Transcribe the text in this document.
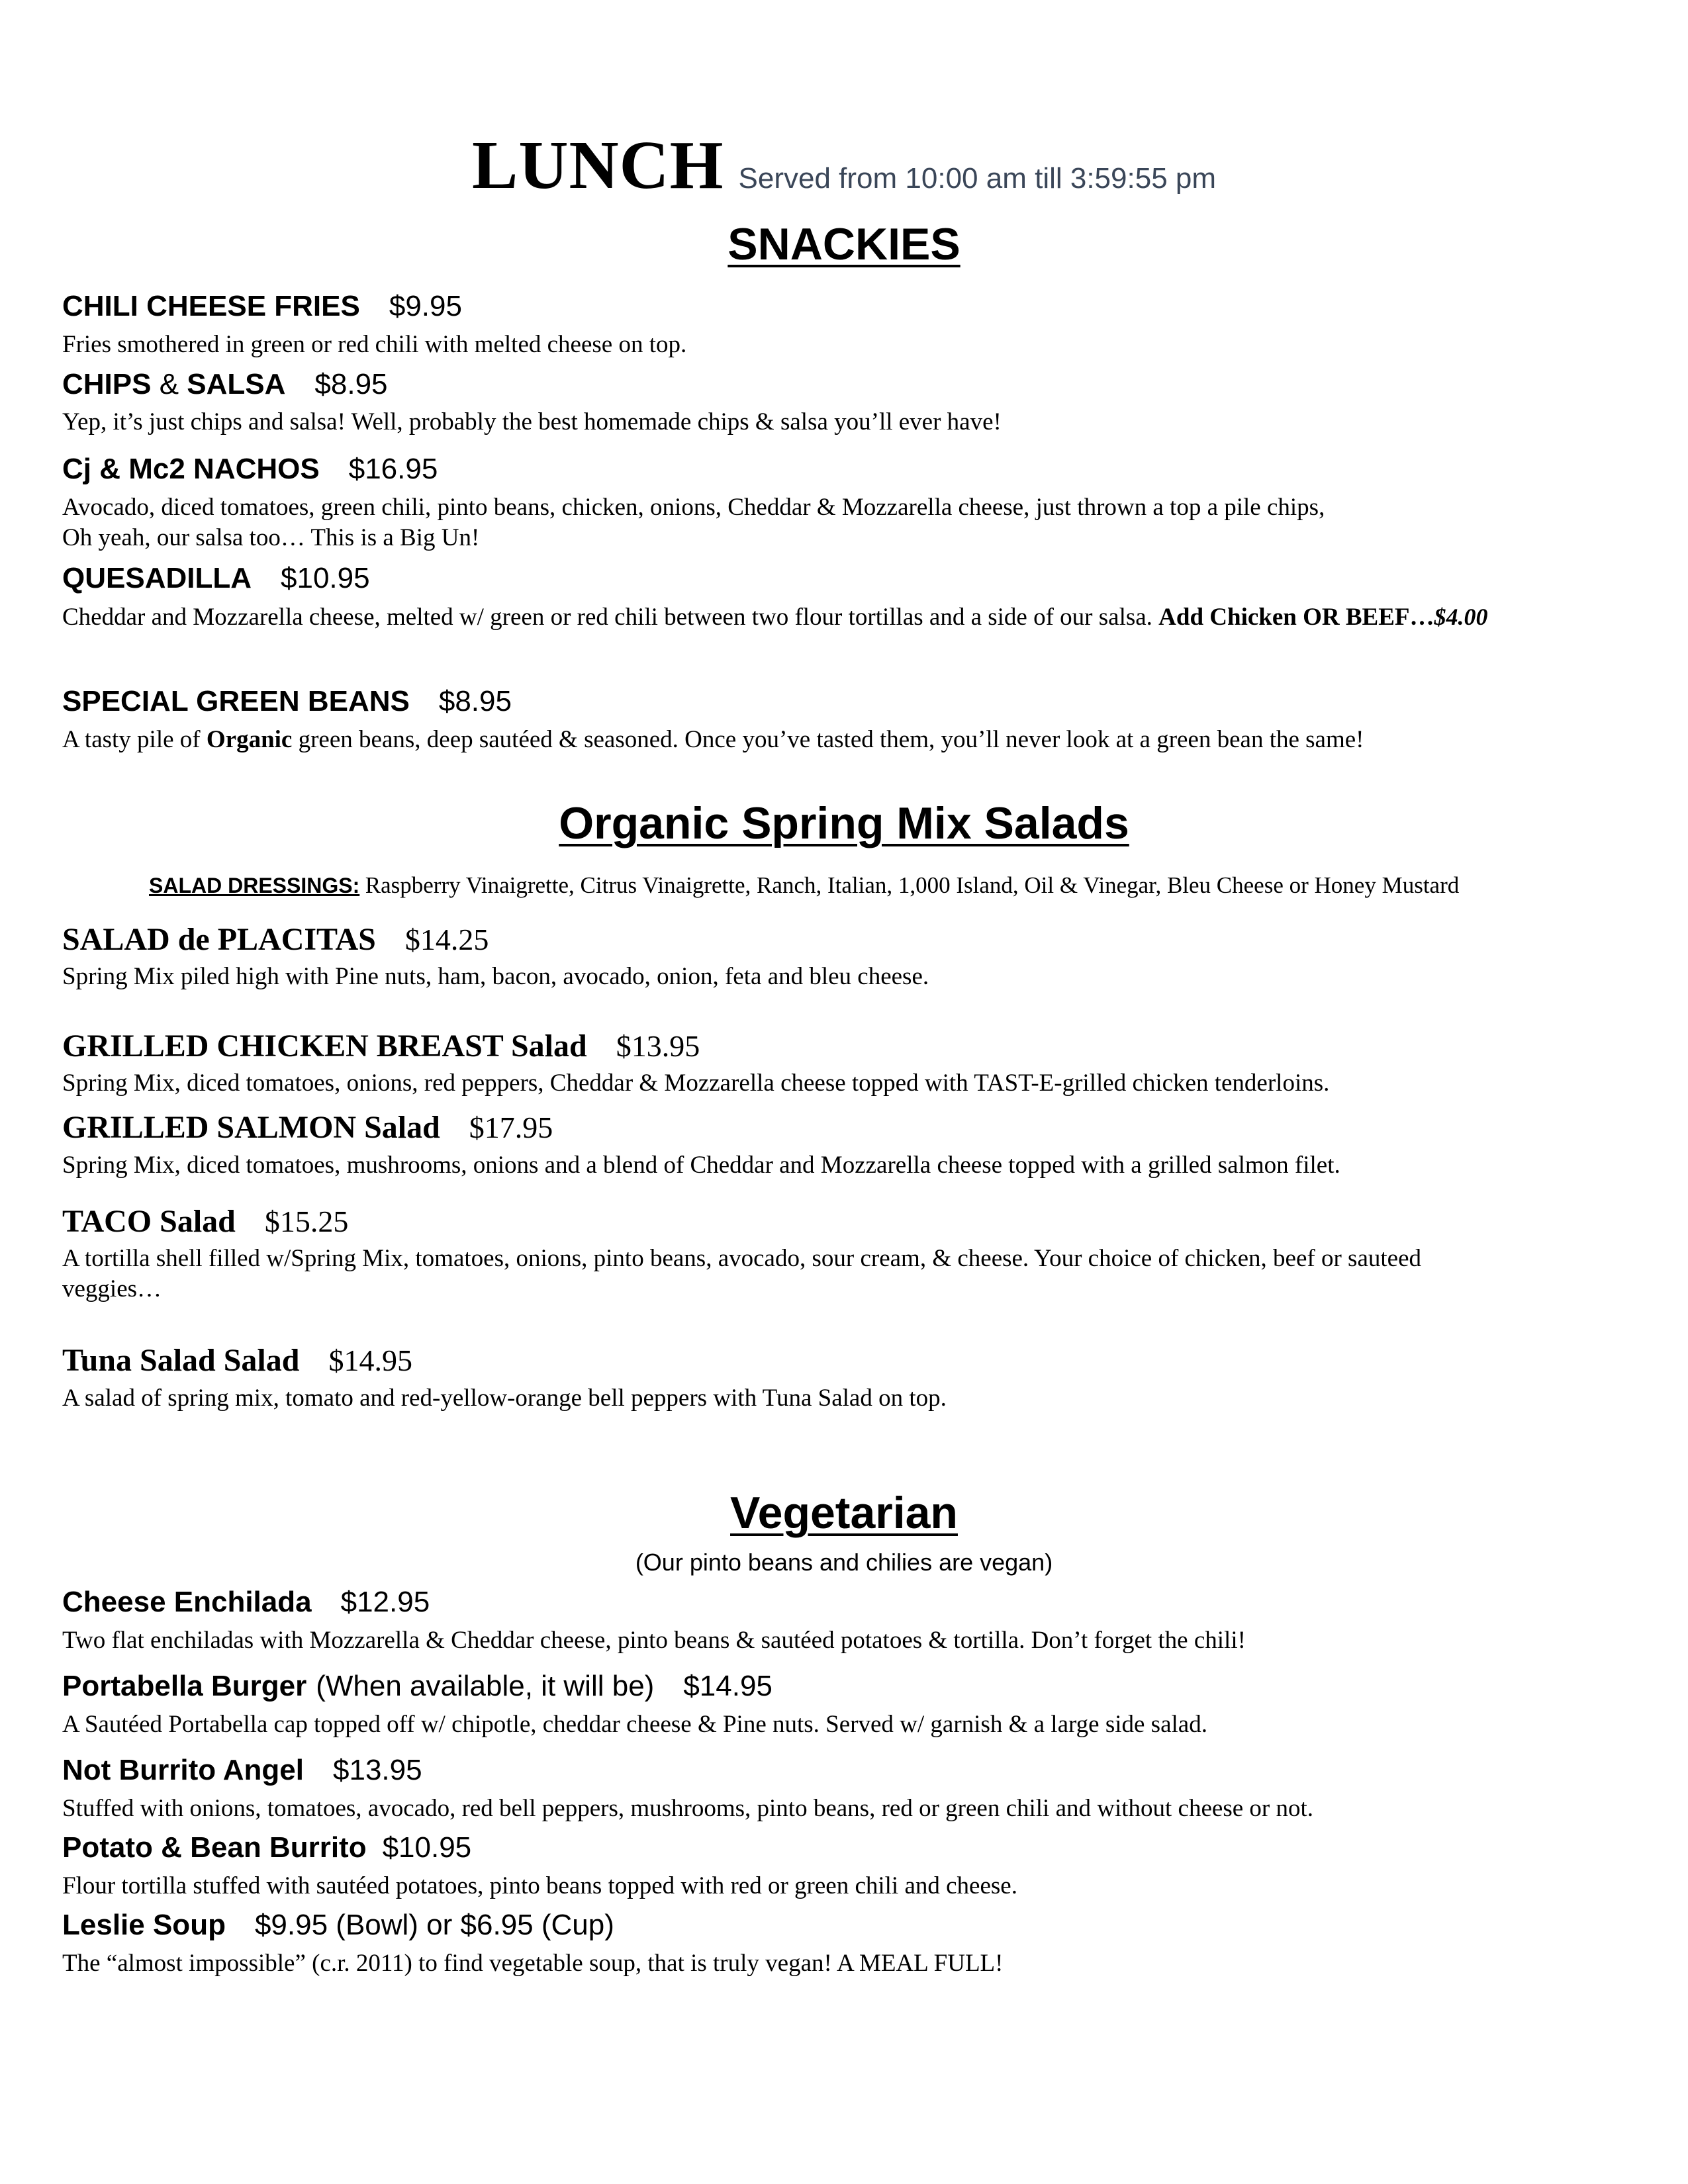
LUNCH Served from 10:00 am till 3:59:55 pm
SNACKIES
CHILI CHEESE FRIES $9.95
Fries smothered in green or red chili with melted cheese on top.
CHIPS & SALSA $8.95
Yep, it’s just chips and salsa! Well, probably the best homemade chips & salsa you’ll ever have!
Cj & Mc2 NACHOS $16.95
Avocado, diced tomatoes, green chili, pinto beans, chicken, onions, Cheddar & Mozzarella cheese, just thrown a top a pile chips,
Oh yeah, our salsa too… This is a Big Un!
QUESADILLA $10.95
Cheddar and Mozzarella cheese, melted w/ green or red chili between two flour tortillas and a side of our salsa. Add Chicken OR BEEF…$4.00
SPECIAL GREEN BEANS $8.95
A tasty pile of Organic green beans, deep sautéed & seasoned. Once you’ve tasted them, you’ll never look at a green bean the same!
Organic Spring Mix Salads
SALAD DRESSINGS: Raspberry Vinaigrette, Citrus Vinaigrette, Ranch, Italian, 1,000 Island, Oil & Vinegar, Bleu Cheese or Honey Mustard
SALAD de PLACITAS $14.25
Spring Mix piled high with Pine nuts, ham, bacon, avocado, onion, feta and bleu cheese.
GRILLED CHICKEN BREAST Salad $13.95
Spring Mix, diced tomatoes, onions, red peppers, Cheddar & Mozzarella cheese topped with TAST-E-grilled chicken tenderloins.
GRILLED SALMON Salad $17.95
Spring Mix, diced tomatoes, mushrooms, onions and a blend of Cheddar and Mozzarella cheese topped with a grilled salmon filet.
TACO Salad $15.25
A tortilla shell filled w/Spring Mix, tomatoes, onions, pinto beans, avocado, sour cream, & cheese. Your choice of chicken, beef or sauteed
veggies…
Tuna Salad Salad $14.95
A salad of spring mix, tomato and red-yellow-orange bell peppers with Tuna Salad on top.
Vegetarian
(Our pinto beans and chilies are vegan)
Cheese Enchilada $12.95
Two flat enchiladas with Mozzarella & Cheddar cheese, pinto beans & sautéed potatoes & tortilla. Don’t forget the chili!
Portabella Burger (When available, it will be) $14.95
A Sautéed Portabella cap topped off w/ chipotle, cheddar cheese & Pine nuts. Served w/ garnish & a large side salad.
Not Burrito Angel $13.95
Stuffed with onions, tomatoes, avocado, red bell peppers, mushrooms, pinto beans, red or green chili and without cheese or not.
Potato & Bean Burrito $10.95
Flour tortilla stuffed with sautéed potatoes, pinto beans topped with red or green chili and cheese.
Leslie Soup $9.95 (Bowl) or $6.95 (Cup)
The “almost impossible” (c.r. 2011) to find vegetable soup, that is truly vegan! A MEAL FULL!
